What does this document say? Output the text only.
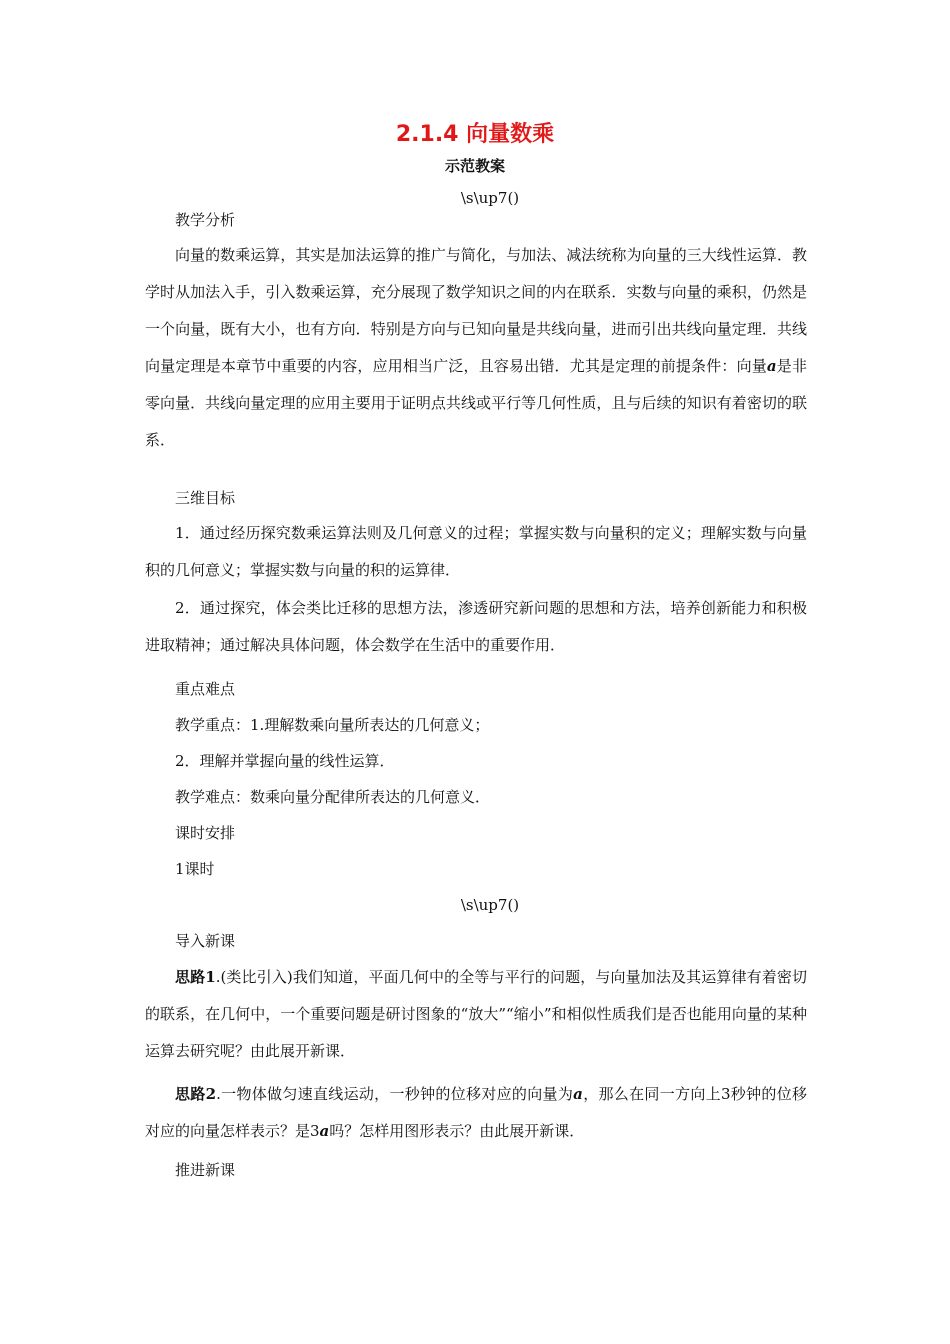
2.1.4 向量数乘
示范教案
\s\up7()
教学分析

向量的数乘运算，其实是加法运算的推广与简化，与加法、减法统称为向量的三大线性运算．教学时从加法入手，引入数乘运算，充分展现了数学知识之间的内在联系．实数与向量的乘积，仍然是一个向量，既有大小，也有方向．特别是方向与已知向量是共线向量，进而引出共线向量定理．共线向量定理是本章节中重要的内容，应用相当广泛，且容易出错．尤其是定理的前提条件：向量a是非零向量．共线向量定理的应用主要用于证明点共线或平行等几何性质，且与后续的知识有着密切的联系．

三维目标

1．通过经历探究数乘运算法则及几何意义的过程；掌握实数与向量积的定义；理解实数与向量积的几何意义；掌握实数与向量的积的运算律．

2．通过探究，体会类比迁移的思想方法，渗透研究新问题的思想和方法，培养创新能力和积极进取精神；通过解决具体问题，体会数学在生活中的重要作用．

重点难点
教学重点：1.理解数乘向量所表达的几何意义；
2．理解并掌握向量的线性运算．
教学难点：数乘向量分配律所表达的几何意义．
课时安排
1课时
\s\up7()
导入新课

思路1.(类比引入)我们知道，平面几何中的全等与平行的问题，与向量加法及其运算律有着密切的联系，在几何中，一个重要问题是研讨图象的“放大”“缩小”和相似性质我们是否也能用向量的某种运算去研究呢？由此展开新课．

思路2.一物体做匀速直线运动，一秒钟的位移对应的向量为a，那么在同一方向上3秒钟的位移对应的向量怎样表示？是3a吗？怎样用图形表示？由此展开新课．

推进新课
